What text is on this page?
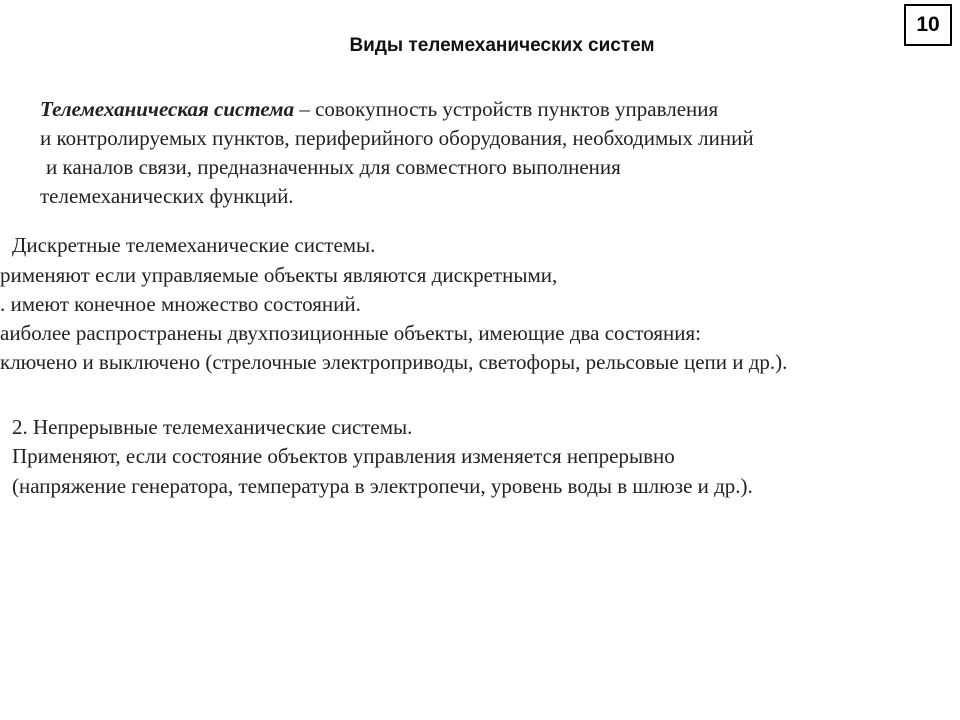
10
Виды телемеханических систем
Телемеханическая система – совокупность устройств пунктов управления
и контролируемых пунктов, периферийного оборудования, необходимых линий
и каналов связи, предназначенных для совместного выполнения
телемеханических функций.
Дискретные телемеханические системы.
рименяют если управляемые объекты являются дискретными,
. имеют конечное множество состояний.
аиболее распространены двухпозиционные объекты, имеющие два состояния:
ключено и выключено (стрелочные электроприводы, светофоры, рельсовые цепи и др.).
2. Непрерывные телемеханические системы.
Применяют, если состояние объектов управления изменяется непрерывно
(напряжение генератора, температура в электропечи, уровень воды в шлюзе и др.).
